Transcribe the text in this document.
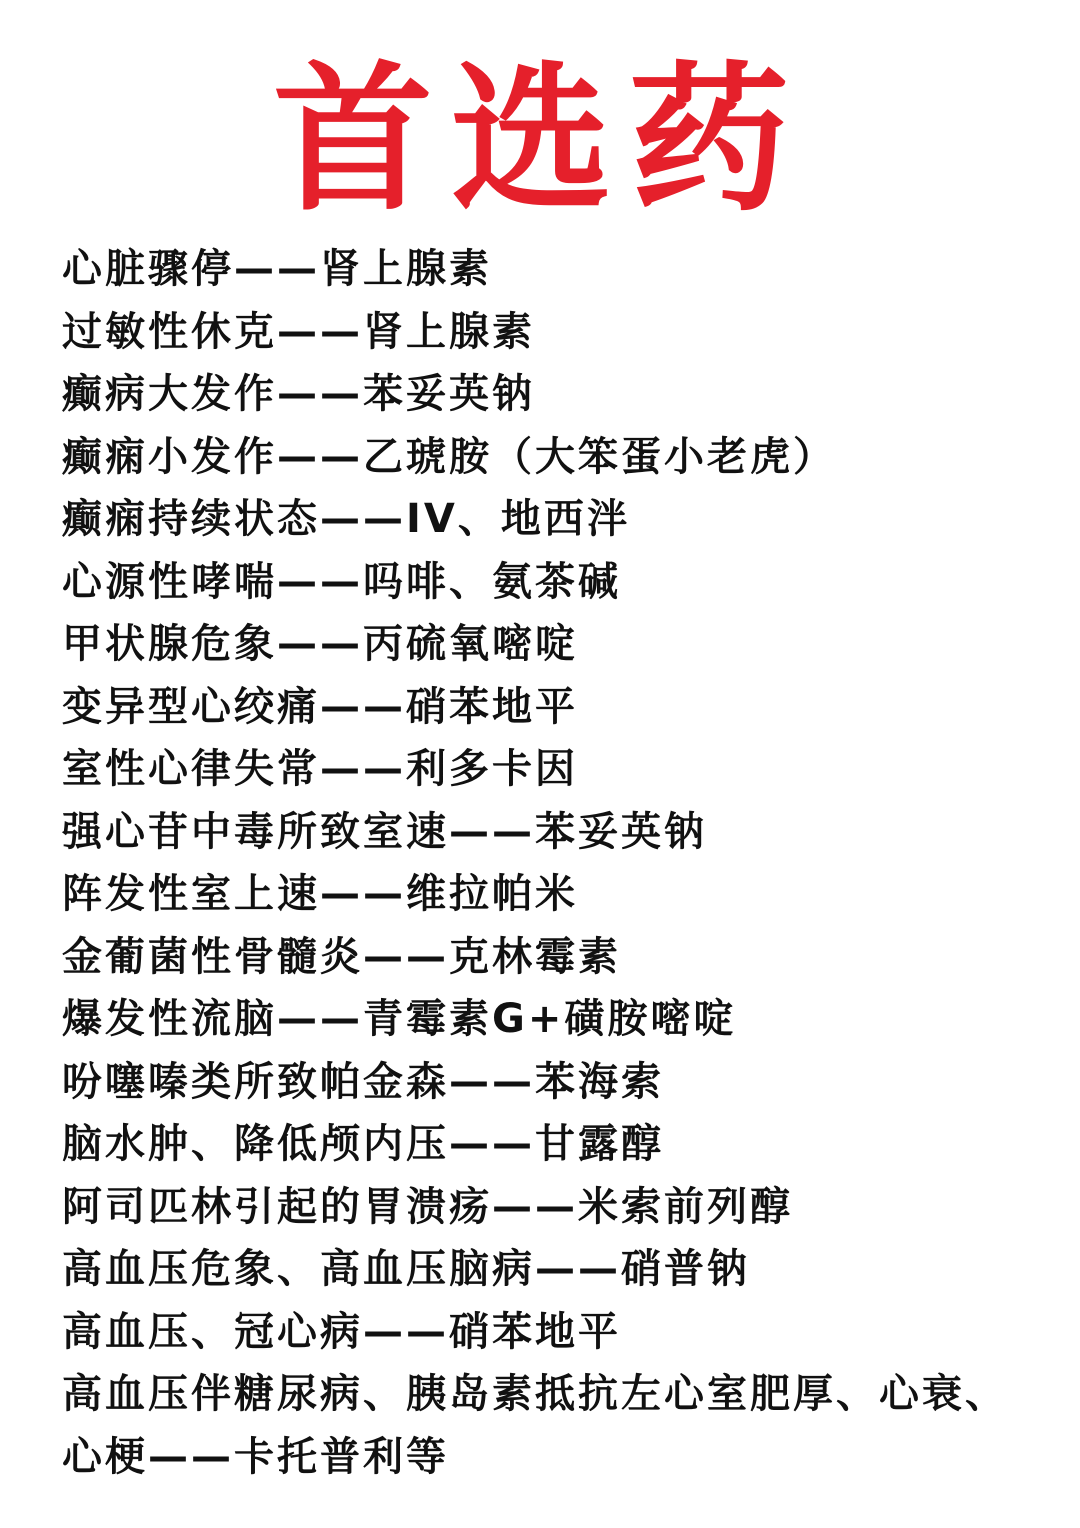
首选药
心脏骤停——肾上腺素
过敏性休克——肾上腺素
癫病大发作——苯妥英钠
癫痫小发作——乙琥胺（大笨蛋小老虎）
癫痫持续状态——IV、地西泮
心源性哮喘——吗啡、氨茶碱
甲状腺危象——丙硫氧嘧啶
变异型心绞痛——硝苯地平
室性心律失常——利多卡因
强心苷中毒所致室速——苯妥英钠
阵发性室上速——维拉帕米
金葡菌性骨髓炎——克林霉素
爆发性流脑——青霉素G+磺胺嘧啶
吩噻嗪类所致帕金森——苯海索
脑水肿、降低颅内压——甘露醇
阿司匹林引起的胃溃疡——米索前列醇
高血压危象、高血压脑病——硝普钠
高血压、冠心病——硝苯地平
高血压伴糖尿病、胰岛素抵抗左心室肥厚、心衰、
心梗——卡托普利等
